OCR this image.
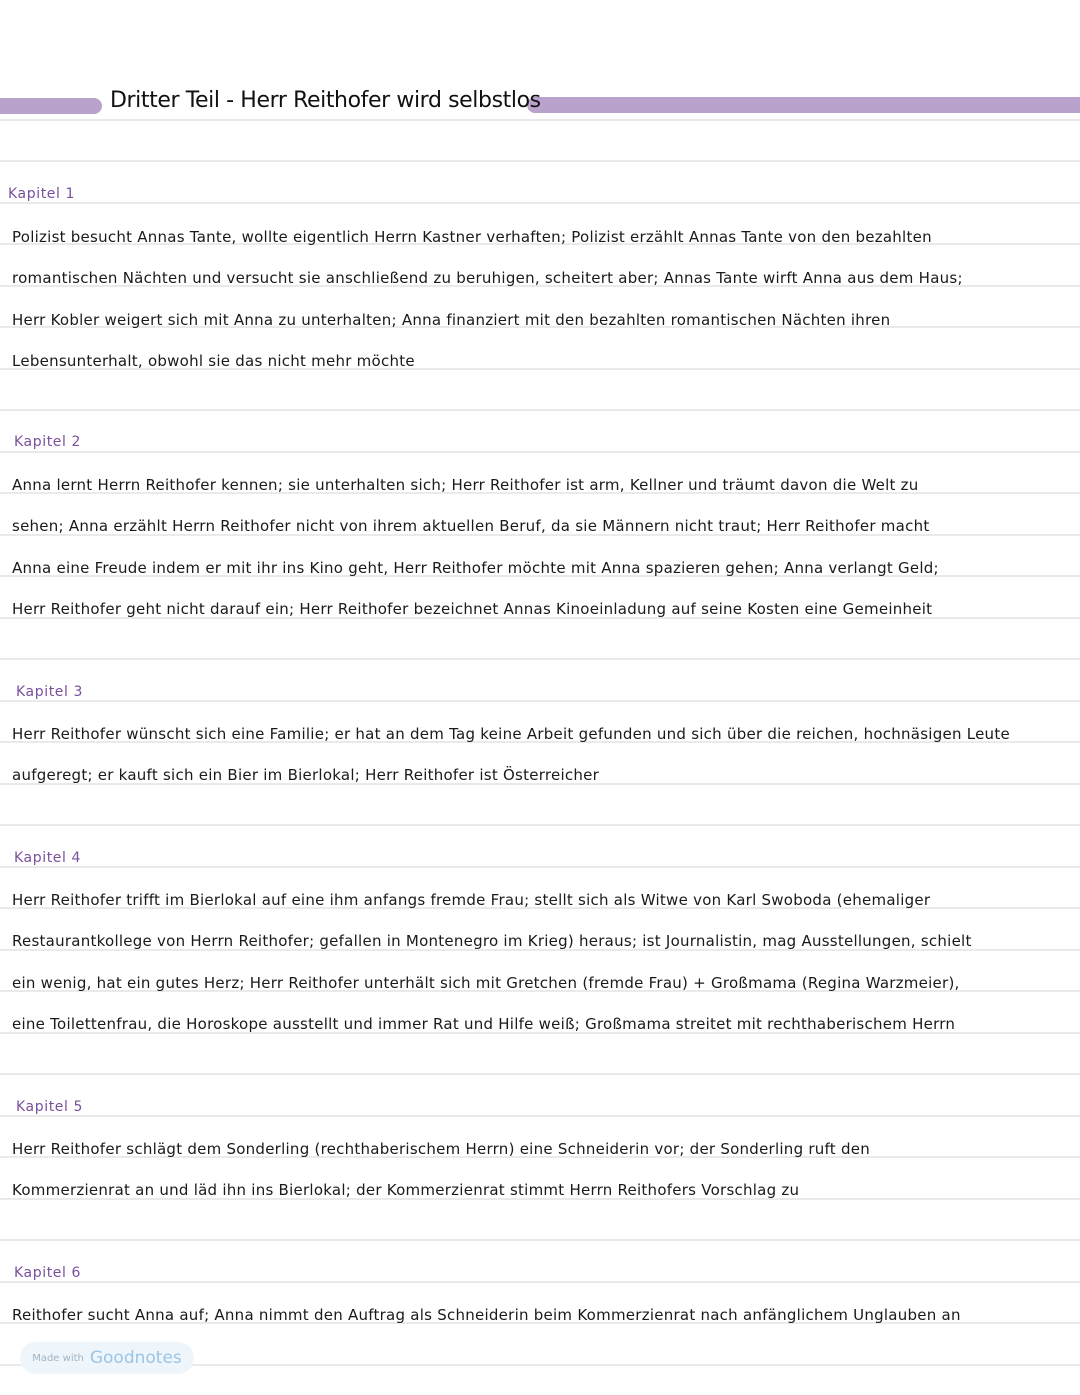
Dritter Teil - Herr Reithofer wird selbstlos
Kapitel 1
Polizist besucht Annas Tante, wollte eigentlich Herrn Kastner verhaften; Polizist erzählt Annas Tante von den bezahlten
romantischen Nächten und versucht sie anschließend zu beruhigen, scheitert aber; Annas Tante wirft Anna aus dem Haus;
Herr Kobler weigert sich mit Anna zu unterhalten; Anna finanziert mit den bezahlten romantischen Nächten ihren
Lebensunterhalt, obwohl sie das nicht mehr möchte
Kapitel 2
Anna lernt Herrn Reithofer kennen; sie unterhalten sich; Herr Reithofer ist arm, Kellner und träumt davon die Welt zu
sehen; Anna erzählt Herrn Reithofer nicht von ihrem aktuellen Beruf, da sie Männern nicht traut; Herr Reithofer macht
Anna eine Freude indem er mit ihr ins Kino geht, Herr Reithofer möchte mit Anna spazieren gehen; Anna verlangt Geld;
Herr Reithofer geht nicht darauf ein; Herr Reithofer bezeichnet Annas Kinoeinladung auf seine Kosten eine Gemeinheit
Kapitel 3
Herr Reithofer wünscht sich eine Familie; er hat an dem Tag keine Arbeit gefunden und sich über die reichen, hochnäsigen Leute
aufgeregt; er kauft sich ein Bier im Bierlokal; Herr Reithofer ist Österreicher
Kapitel 4
Herr Reithofer trifft im Bierlokal auf eine ihm anfangs fremde Frau; stellt sich als Witwe von Karl Swoboda (ehemaliger
Restaurantkollege von Herrn Reithofer; gefallen in Montenegro im Krieg) heraus; ist Journalistin, mag Ausstellungen, schielt
ein wenig, hat ein gutes Herz; Herr Reithofer unterhält sich mit Gretchen (fremde Frau) + Großmama (Regina Warzmeier),
eine Toilettenfrau, die Horoskope ausstellt und immer Rat und Hilfe weiß; Großmama streitet mit rechthaberischem Herrn
Kapitel 5
Herr Reithofer schlägt dem Sonderling (rechthaberischem Herrn) eine Schneiderin vor; der Sonderling ruft den
Kommerzienrat an und läd ihn ins Bierlokal; der Kommerzienrat stimmt Herrn Reithofers Vorschlag zu
Kapitel 6
Reithofer sucht Anna auf; Anna nimmt den Auftrag als Schneiderin beim Kommerzienrat nach anfänglichem Unglauben an
Made with Goodnotes
